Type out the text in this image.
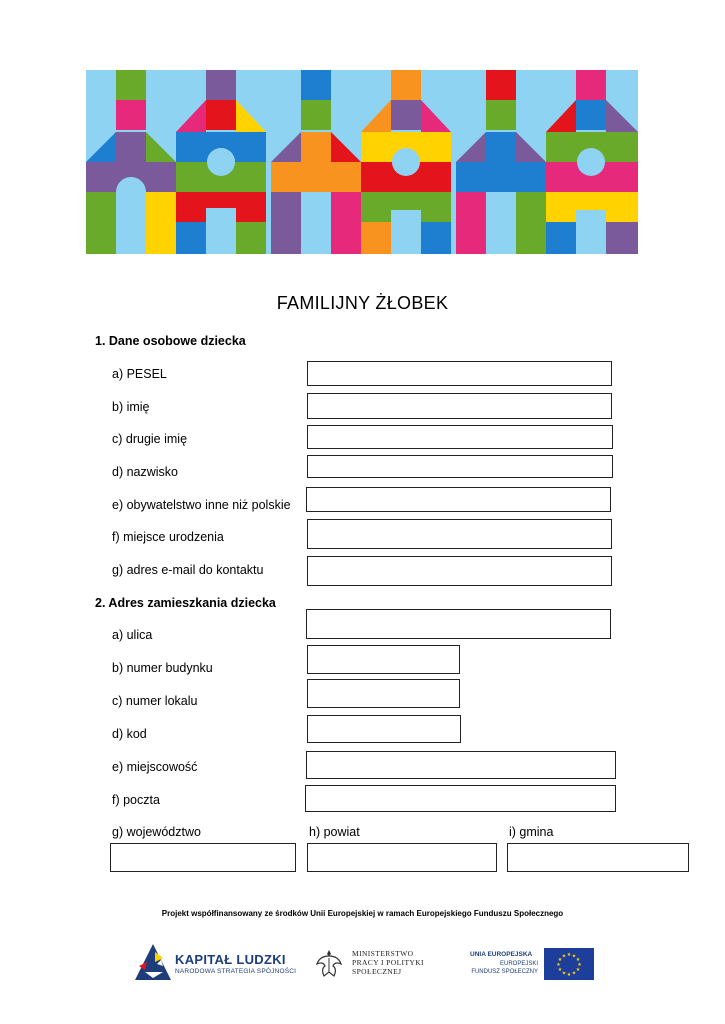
FAMILIJNY ŻŁOBEK
1. Dane osobowe dziecka
a) PESEL
b) imię
c) drugie imię
d) nazwisko
e) obywatelstwo inne niż polskie
f) miejsce urodzenia
g) adres e-mail do kontaktu
2. Adres zamieszkania dziecka
a) ulica
b) numer budynku
c) numer lokalu
d) kod
e) miejscowość
f) poczta
g) województwo	h) powiat	i) gmina
Projekt współfinansowany ze środków Unii Europejskiej w ramach Europejskiego Funduszu Społecznego
KAPITAŁ LUDZKI
NARODOWA STRATEGIA SPÓJNOŚCI
MINISTERSTWO
PRACY I POLITYKI
SPOŁECZNEJ
UNIA EUROPEJSKA
EUROPEJSKI
FUNDUSZ SPOŁECZNY
★ ★
★
★
★
★
★
★
★
★
★
★
